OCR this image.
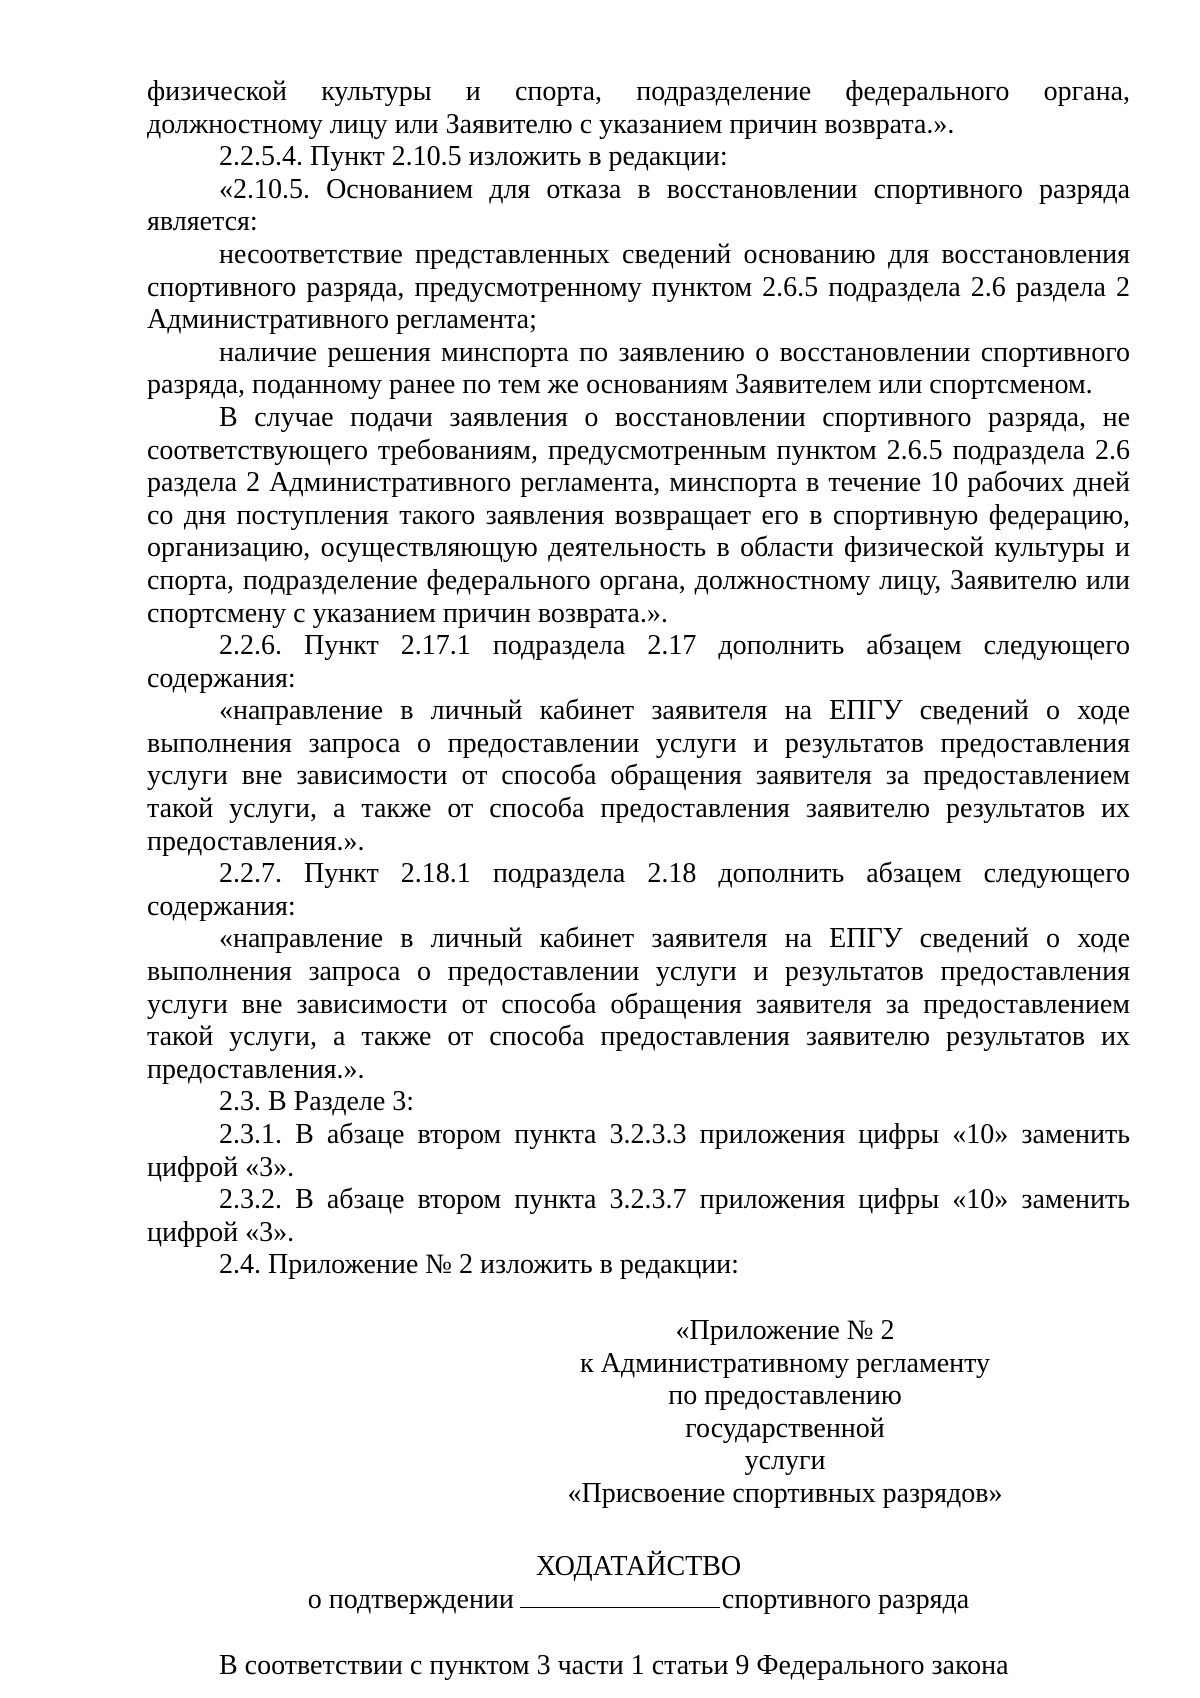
физической культуры и спорта, подразделение федерального органа, должностному лицу или Заявителю с указанием причин возврата.».

2.2.5.4. Пункт 2.10.5 изложить в редакции:

«2.10.5. Основанием для отказа в восстановлении спортивного разряда является:

несоответствие представленных сведений основанию для восстановления спортивного разряда, предусмотренному пунктом 2.6.5 подраздела 2.6 раздела 2 Административного регламента;

наличие решения минспорта по заявлению о восстановлении спортивного разряда, поданному ранее по тем же основаниям Заявителем или спортсменом.

В случае подачи заявления о восстановлении спортивного разряда, не соответствующего требованиям, предусмотренным пунктом 2.6.5 подраздела 2.6 раздела 2 Административного регламента, минспорта в течение 10 рабочих дней со дня поступления такого заявления возвращает его в спортивную федерацию, организацию, осуществляющую деятельность в области физической культуры и спорта, подразделение федерального органа, должностному лицу, Заявителю или спортсмену с указанием причин возврата.».

2.2.6. Пункт 2.17.1 подраздела 2.17 дополнить абзацем следующего содержания:

«направление в личный кабинет заявителя на ЕПГУ сведений о ходе выполнения запроса о предоставлении услуги и результатов предоставления услуги вне зависимости от способа обращения заявителя за предоставлением такой услуги, а также от способа предоставления заявителю результатов их предоставления.».

2.2.7. Пункт 2.18.1 подраздела 2.18 дополнить абзацем следующего содержания:

«направление в личный кабинет заявителя на ЕПГУ сведений о ходе выполнения запроса о предоставлении услуги и результатов предоставления услуги вне зависимости от способа обращения заявителя за предоставлением такой услуги, а также от способа предоставления заявителю результатов их предоставления.».

2.3. В Разделе 3:

2.3.1. В абзаце втором пункта 3.2.3.3 приложения цифры «10» заменить цифрой «3».

2.3.2. В абзаце втором пункта 3.2.3.7 приложения цифры «10» заменить цифрой «3».

2.4. Приложение № 2 изложить в редакции:

«Приложение № 2
к Административному регламенту
по предоставлению государственной
услуги
«Присвоение спортивных разрядов»
ХОДАТАЙСТВО
о подтверждении	спортивного разряда

В соответствии с пунктом 3 части 1 статьи 9 Федерального закона
